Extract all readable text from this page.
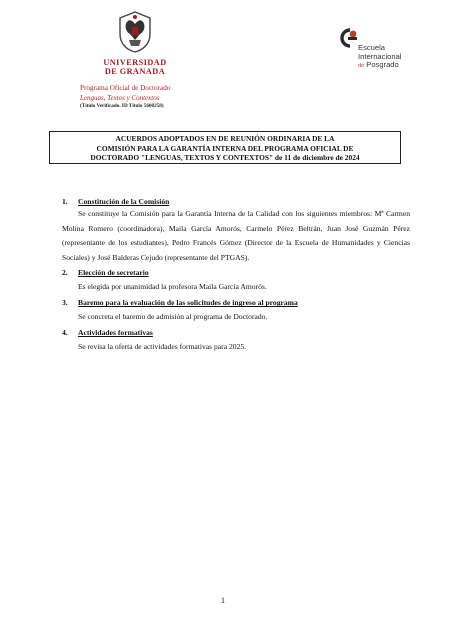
UNIVERSIDAD
DE GRANADA
Programa Oficial de Doctorado
Lenguas, Textos y Contextos
(Título Verificado. ID Título 5600258)
Escuela
Internacional
de Posgrado
ACUERDOS ADOPTADOS EN DE REUNIÓN ORDINARIA DE LA
COMISIÓN PARA LA GARANTÍA INTERNA DEL PROGRAMA OFICIAL DE
DOCTORADO "LENGUAS, TEXTOS Y CONTEXTOS" de 11 de diciembre de 2024
1. Constitución de la Comisión
Se constituye la Comisión para la Garantía Interna de la Calidad con los siguientes miembros: Mª Carmen Molina Romero (coordinadora), Maila García Amorós, Carmelo Pérez Beltrán, Juan José Guzmán Pérez (representante de los estudiantes), Pedro Francés Gómez (Director de la Escuela de Humanidades y Ciencias Sociales) y José Balderas Cejudo (representante del PTGAS).
2. Elección de secretario
Es elegida por unanimidad la profesora Maila García Amorós.
3. Baremo para la evaluación de las solicitudes de ingreso al programa
Se concreta el baremo de admisión al programa de Doctorado.
4. Actividades formativas
Se revisa la oferta de actividades formativas para 2025.
1
